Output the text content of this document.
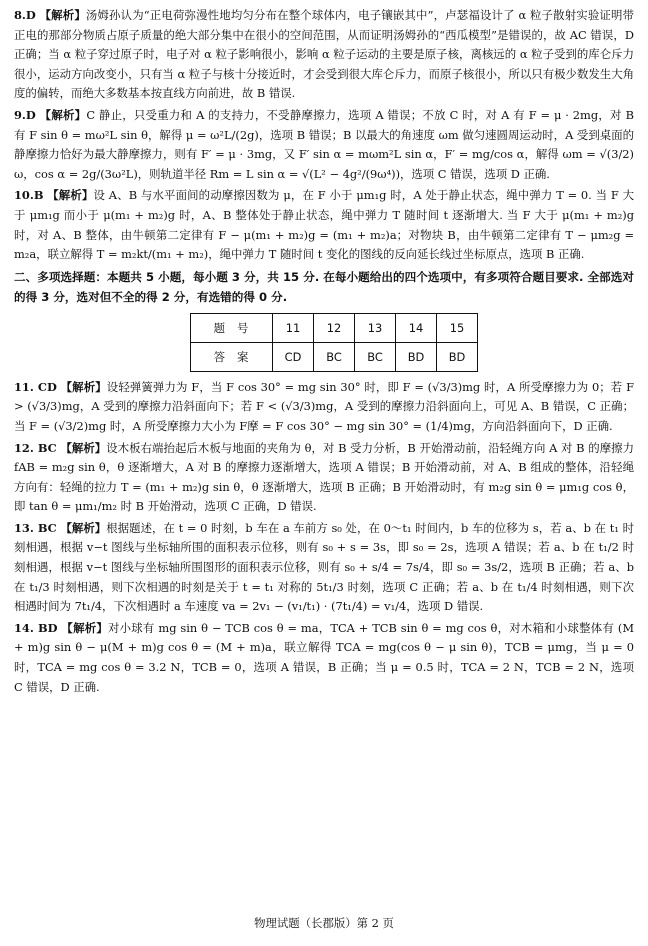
8.D 【解析】汤姆孙认为“正电荷弥漫性地均匀分布在整个球体内，电子镶嵌其中”，卢瑟福设计了 α 粒子散射实验证明带正电的那部分物质占原子质量的绝大部分集中在很小的空间范围，从而证明汤姆孙的“西瓜模型”是错误的，故 AC 错误，D 正确；当 α 粒子穿过原子时，电子对 α 粒子影响很小，影响 α 粒子运动的主要是原子核，离核远的 α 粒子受到的库仑斥力很小，运动方向改变小，只有当 α 粒子与核十分接近时，才会受到很大库仑斥力，而原子核很小，所以只有极少数发生大角度的偏转，而绝大多数基本按直线方向前进，故 B 错误.

9.D 【解析】C 静止，只受重力和 A 的支持力，不受静摩擦力，选项 A 错误；不放 C 时，对 A 有 F = μ · 2mg，对 B 有 F sin θ = mω²L sin θ，解得 μ = ω²L/(2g)，选项 B 错误；B 以最大的角速度 ωm 做匀速圆周运动时，A 受到桌面的静摩擦力恰好为最大静摩擦力，则有 F′ = μ · 3mg，又 F′ sin α = mωm²L sin α，F′ = mg/cos α，解得 ωm = √(3/2) ω，cos α = 2g/(3ω²L)，则轨道半径 Rm = L sin α = √(L² − 4g²/(9ω⁴))，选项 C 错误，选项 D 正确.

10.B 【解析】设 A、B 与水平面间的动摩擦因数为 μ，在 F 小于 μm₁g 时，A 处于静止状态，绳中弹力 T = 0. 当 F 大于 μm₁g 而小于 μ(m₁ + m₂)g 时，A、B 整体处于静止状态，绳中弹力 T 随时间 t 逐渐增大. 当 F 大于 μ(m₁ + m₂)g 时，对 A、B 整体，由牛顿第二定律有 F − μ(m₁ + m₂)g = (m₁ + m₂)a；对物块 B，由牛顿第二定律有 T − μm₂g = m₂a，联立解得 T = m₂kt/(m₁ + m₂)，绳中弹力 T 随时间 t 变化的图线的反向延长线过坐标原点，选项 B 正确.

二、多项选择题：本题共 5 小题，每小题 3 分，共 15 分. 在每小题给出的四个选项中，有多项符合题目要求. 全部选对的得 3 分，选对但不全的得 2 分，有选错的得 0 分.

题号	11	12	13	14	15
答案	CD	BC	BC	BD	BD

11. CD 【解析】设轻弹簧弹力为 F，当 F cos 30° = mg sin 30° 时，即 F = (√3/3)mg 时，A 所受摩擦力为 0；若 F > (√3/3)mg，A 受到的摩擦力沿斜面向下；若 F < (√3/3)mg，A 受到的摩擦力沿斜面向上，可见 A、B 错误，C 正确；当 F = (√3/2)mg 时，A 所受摩擦力大小为 F摩 = F cos 30° − mg sin 30° = (1/4)mg，方向沿斜面向下，D 正确.

12. BC 【解析】设木板右端抬起后木板与地面的夹角为 θ，对 B 受力分析，B 开始滑动前，沿轻绳方向 A 对 B 的摩擦力 fAB = m₂g sin θ，θ 逐渐增大，A 对 B 的摩擦力逐渐增大，选项 A 错误；B 开始滑动前，对 A、B 组成的整体，沿轻绳方向有：轻绳的拉力 T = (m₁ + m₂)g sin θ，θ 逐渐增大，选项 B 正确；B 开始滑动时，有 m₂g sin θ = μm₁g cos θ，即 tan θ = μm₁/m₂ 时 B 开始滑动，选项 C 正确，D 错误.

13. BC 【解析】根据题述，在 t = 0 时刻，b 车在 a 车前方 s₀ 处，在 0～t₁ 时间内，b 车的位移为 s，若 a、b 在 t₁ 时刻相遇，根据 v−t 图线与坐标轴所围的面积表示位移，则有 s₀ + s = 3s，即 s₀ = 2s，选项 A 错误；若 a、b 在 t₁/2 时刻相遇，根据 v−t 图线与坐标轴所围图形的面积表示位移，则有 s₀ + s/4 = 7s/4，即 s₀ = 3s/2，选项 B 正确；若 a、b 在 t₁/3 时刻相遇，则下次相遇的时刻是关于 t = t₁ 对称的 5t₁/3 时刻，选项 C 正确；若 a、b 在 t₁/4 时刻相遇，则下次相遇时间为 7t₁/4，下次相遇时 a 车速度 va = 2v₁ − (v₁/t₁) · (7t₁/4) = v₁/4，选项 D 错误.

14. BD 【解析】对小球有 mg sin θ − TCB cos θ = ma，TCA + TCB sin θ = mg cos θ，对木箱和小球整体有 (M + m)g sin θ − μ(M + m)g cos θ = (M + m)a，联立解得 TCA = mg(cos θ − μ sin θ)，TCB = μmg，当 μ = 0 时，TCA = mg cos θ = 3.2 N，TCB = 0，选项 A 错误，B 正确；当 μ = 0.5 时，TCA = 2 N，TCB = 2 N，选项 C 错误，D 正确.

物理试题（长郡版）第 2 页
